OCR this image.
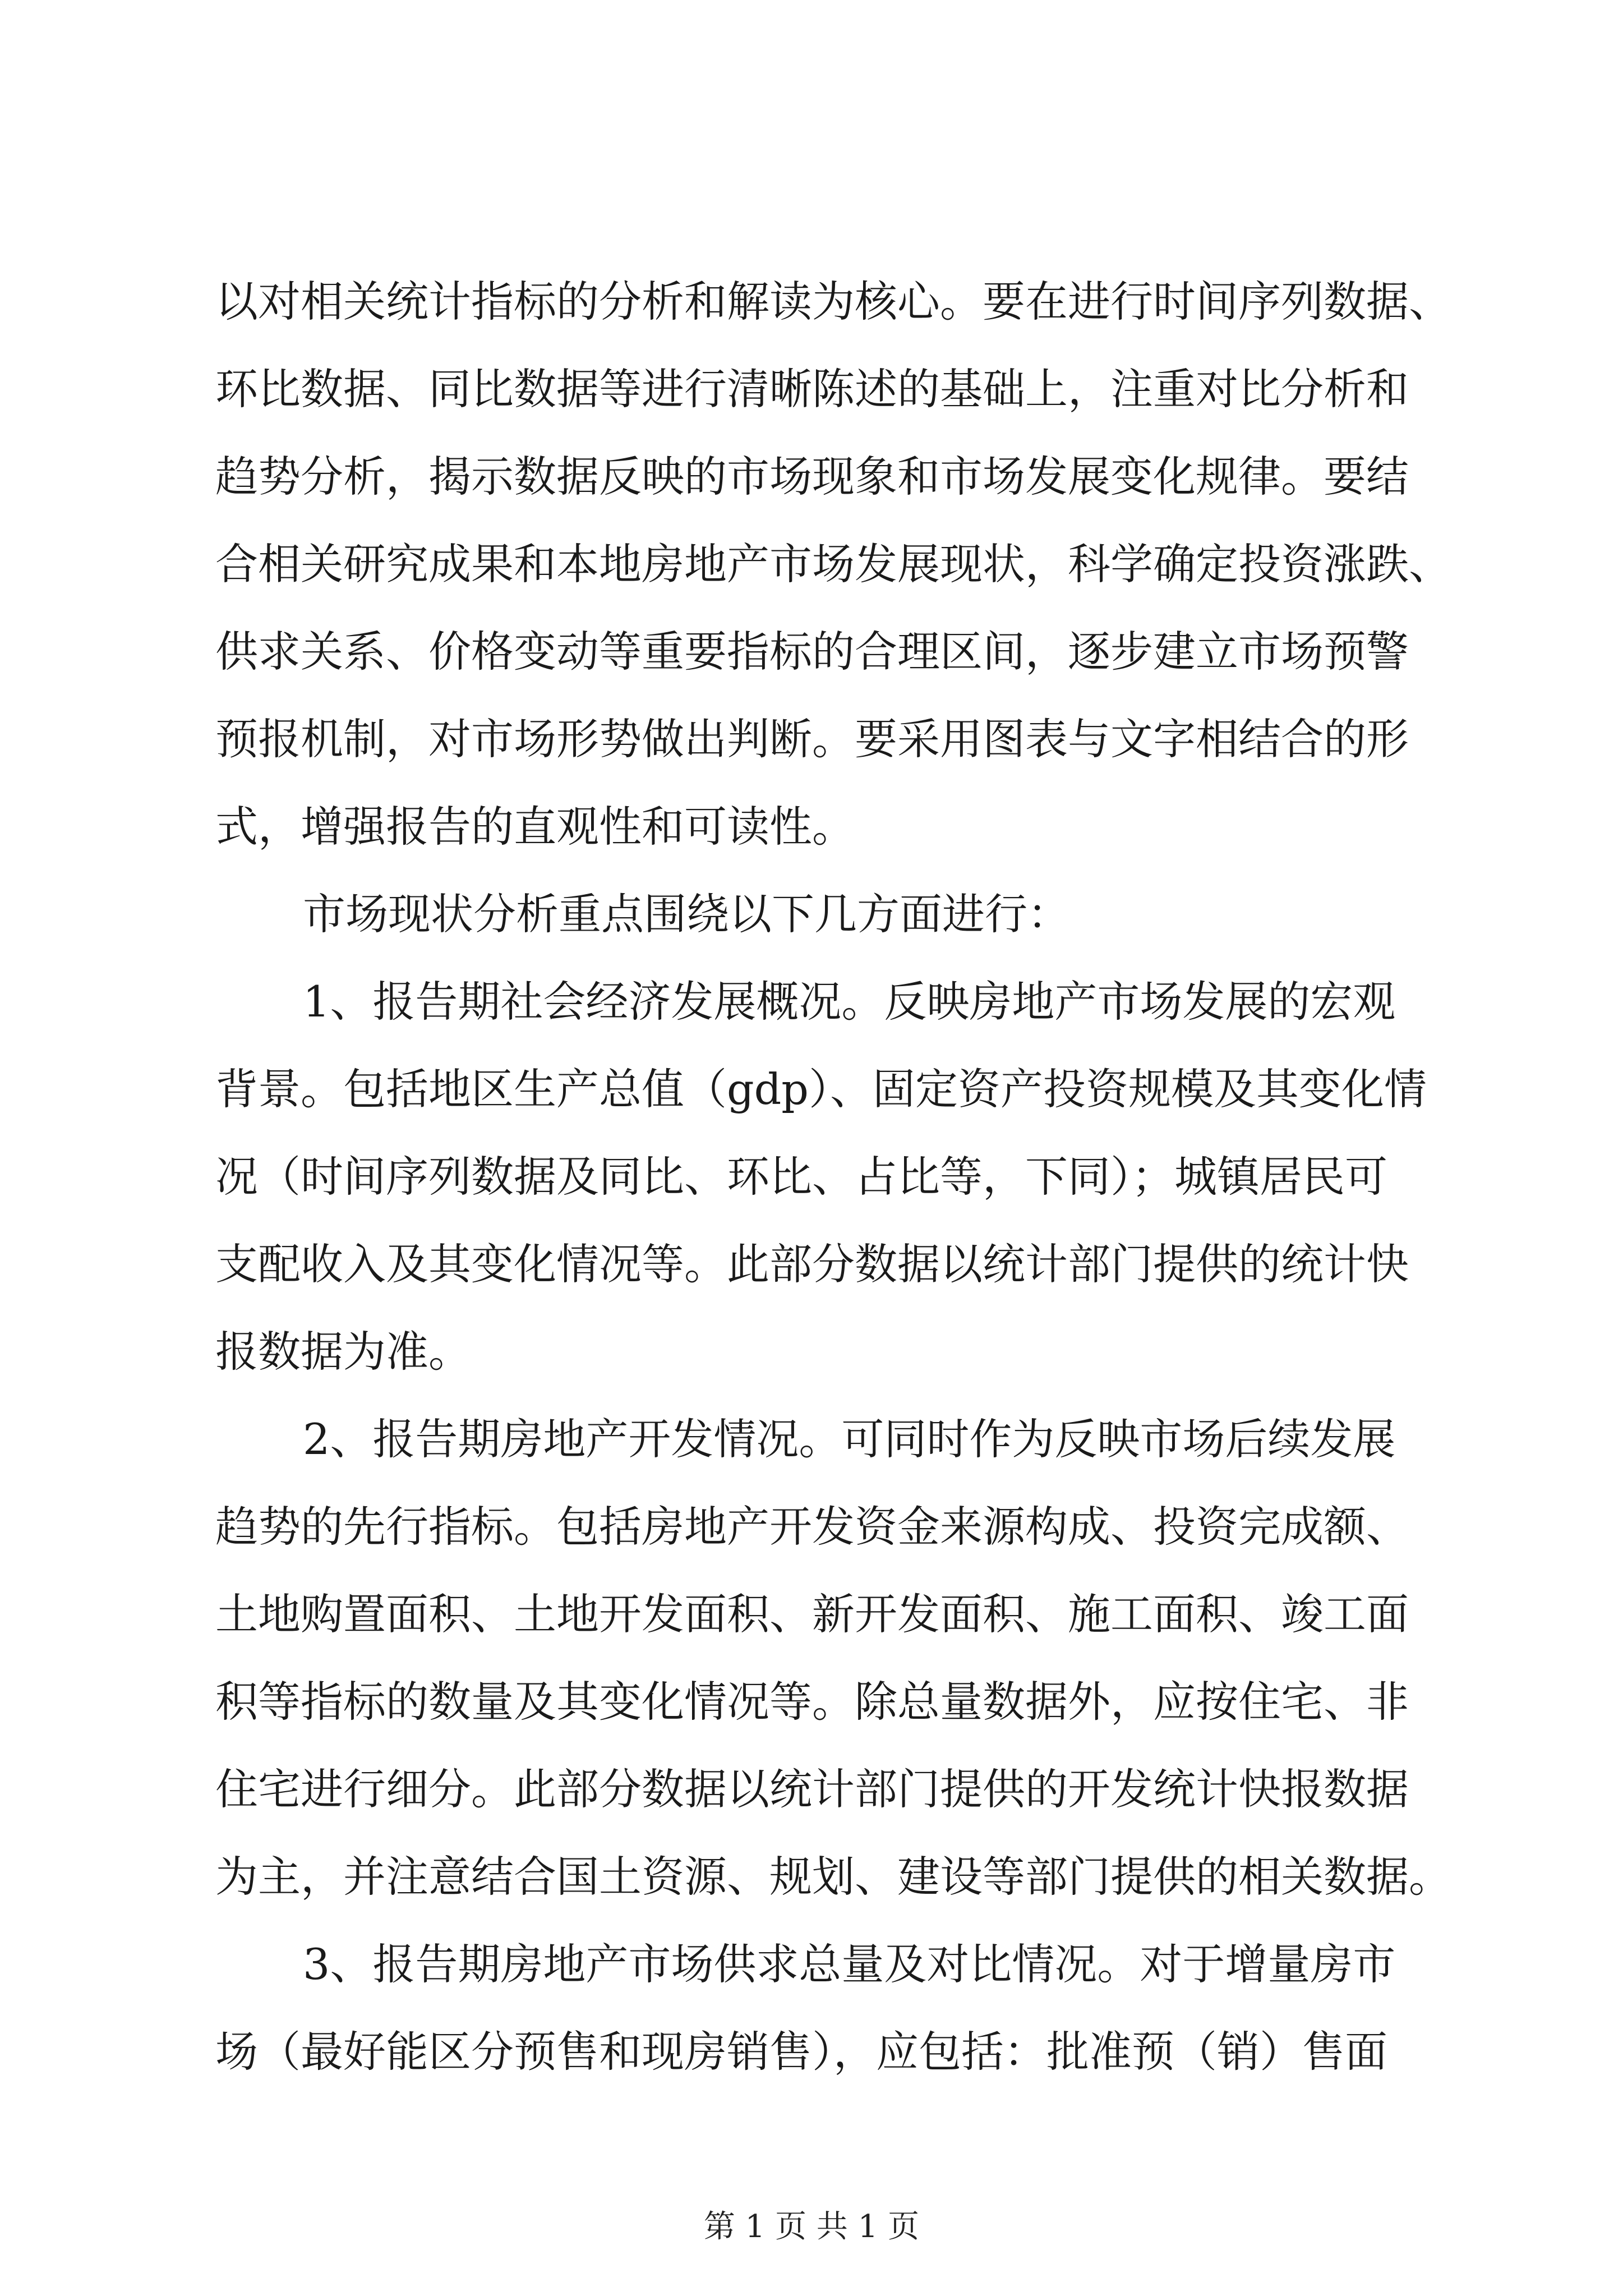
以对相关统计指标的分析和解读为核心。要在进行时间序列数据、
环比数据、同比数据等进行清晰陈述的基础上，注重对比分析和
趋势分析，揭示数据反映的市场现象和市场发展变化规律。要结
合相关研究成果和本地房地产市场发展现状，科学确定投资涨跌、
供求关系、价格变动等重要指标的合理区间，逐步建立市场预警
预报机制，对市场形势做出判断。要采用图表与文字相结合的形
式，增强报告的直观性和可读性。
市场现状分析重点围绕以下几方面进行：
1、报告期社会经济发展概况。反映房地产市场发展的宏观
背景。包括地区生产总值（gdp）、固定资产投资规模及其变化情
况（时间序列数据及同比、环比、占比等，下同）；城镇居民可
支配收入及其变化情况等。此部分数据以统计部门提供的统计快
报数据为准。
2、报告期房地产开发情况。可同时作为反映市场后续发展
趋势的先行指标。包括房地产开发资金来源构成、投资完成额、
土地购置面积、土地开发面积、新开发面积、施工面积、竣工面
积等指标的数量及其变化情况等。除总量数据外，应按住宅、非
住宅进行细分。此部分数据以统计部门提供的开发统计快报数据
为主，并注意结合国土资源、规划、建设等部门提供的相关数据。
3、报告期房地产市场供求总量及对比情况。对于增量房市
场（最好能区分预售和现房销售），应包括：批准预（销）售面
第 1 页 共 1 页
